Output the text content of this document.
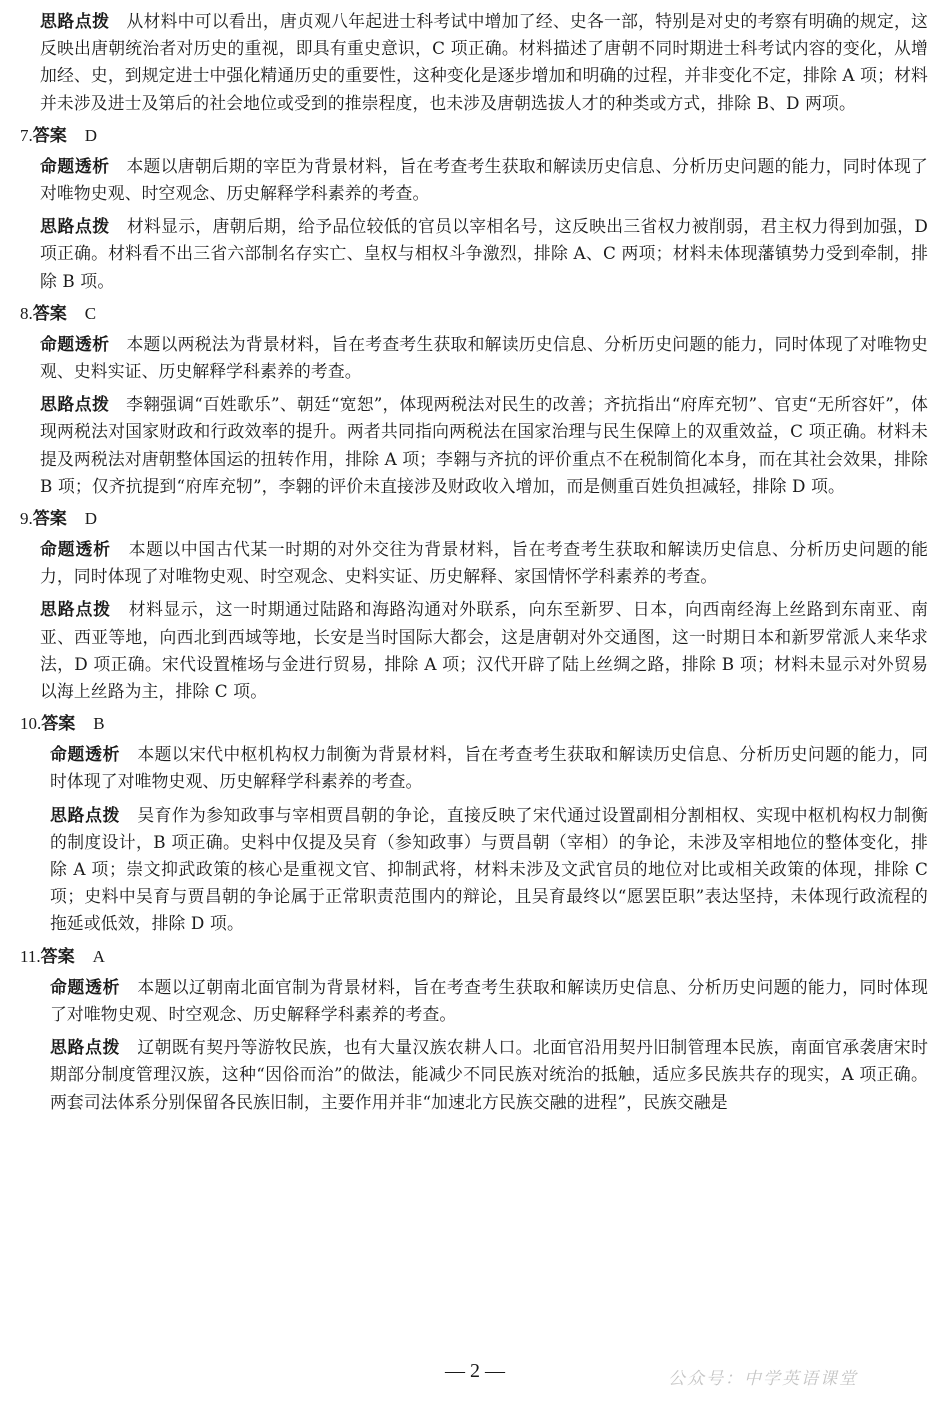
思路点拨 从材料中可以看出，唐贞观八年起进士科考试中增加了经、史各一部，特别是对史的考察有明确的规定，这反映出唐朝统治者对历史的重视，即具有重史意识，C 项正确。材料描述了唐朝不同时期进士科考试内容的变化，从增加经、史，到规定进士中强化精通历史的重要性，这种变化是逐步增加和明确的过程，并非变化不定，排除 A 项；材料并未涉及进士及第后的社会地位或受到的推崇程度，也未涉及唐朝选拔人才的种类或方式，排除 B、D 两项。

7.答案 D

命题透析 本题以唐朝后期的宰臣为背景材料，旨在考查考生获取和解读历史信息、分析历史问题的能力，同时体现了对唯物史观、时空观念、历史解释学科素养的考查。

思路点拨 材料显示，唐朝后期，给予品位较低的官员以宰相名号，这反映出三省权力被削弱，君主权力得到加强，D 项正确。材料看不出三省六部制名存实亡、皇权与相权斗争激烈，排除 A、C 两项；材料未体现藩镇势力受到牵制，排除 B 项。

8.答案 C

命题透析 本题以两税法为背景材料，旨在考查考生获取和解读历史信息、分析历史问题的能力，同时体现了对唯物史观、史料实证、历史解释学科素养的考查。

思路点拨 李翱强调“百姓歌乐”、朝廷“宽恕”，体现两税法对民生的改善；齐抗指出“府库充牣”、官吏“无所容奸”，体现两税法对国家财政和行政效率的提升。两者共同指向两税法在国家治理与民生保障上的双重效益，C 项正确。材料未提及两税法对唐朝整体国运的扭转作用，排除 A 项；李翱与齐抗的评价重点不在税制简化本身，而在其社会效果，排除 B 项；仅齐抗提到“府库充牣”，李翱的评价未直接涉及财政收入增加，而是侧重百姓负担减轻，排除 D 项。

9.答案 D

命题透析 本题以中国古代某一时期的对外交往为背景材料，旨在考查考生获取和解读历史信息、分析历史问题的能力，同时体现了对唯物史观、时空观念、史料实证、历史解释、家国情怀学科素养的考查。

思路点拨 材料显示，这一时期通过陆路和海路沟通对外联系，向东至新罗、日本，向西南经海上丝路到东南亚、南亚、西亚等地，向西北到西域等地，长安是当时国际大都会，这是唐朝对外交通图，这一时期日本和新罗常派人来华求法，D 项正确。宋代设置榷场与金进行贸易，排除 A 项；汉代开辟了陆上丝绸之路，排除 B 项；材料未显示对外贸易以海上丝路为主，排除 C 项。

10.答案 B

命题透析 本题以宋代中枢机构权力制衡为背景材料，旨在考查考生获取和解读历史信息、分析历史问题的能力，同时体现了对唯物史观、历史解释学科素养的考查。

思路点拨 吴育作为参知政事与宰相贾昌朝的争论，直接反映了宋代通过设置副相分割相权、实现中枢机构权力制衡的制度设计，B 项正确。史料中仅提及吴育（参知政事）与贾昌朝（宰相）的争论，未涉及宰相地位的整体变化，排除 A 项；崇文抑武政策的核心是重视文官、抑制武将，材料未涉及文武官员的地位对比或相关政策的体现，排除 C 项；史料中吴育与贾昌朝的争论属于正常职责范围内的辩论，且吴育最终以“愿罢臣职”表达坚持，未体现行政流程的拖延或低效，排除 D 项。

11.答案 A

命题透析 本题以辽朝南北面官制为背景材料，旨在考查考生获取和解读历史信息、分析历史问题的能力，同时体现了对唯物史观、时空观念、历史解释学科素养的考查。

思路点拨 辽朝既有契丹等游牧民族，也有大量汉族农耕人口。北面官沿用契丹旧制管理本民族，南面官承袭唐宋时期部分制度管理汉族，这种“因俗而治”的做法，能减少不同民族对统治的抵触，适应多民族共存的现实，A 项正确。两套司法体系分别保留各民族旧制，主要作用并非“加速北方民族交融的进程”，民族交融是

— 2 —	公众号：中学英语课堂
